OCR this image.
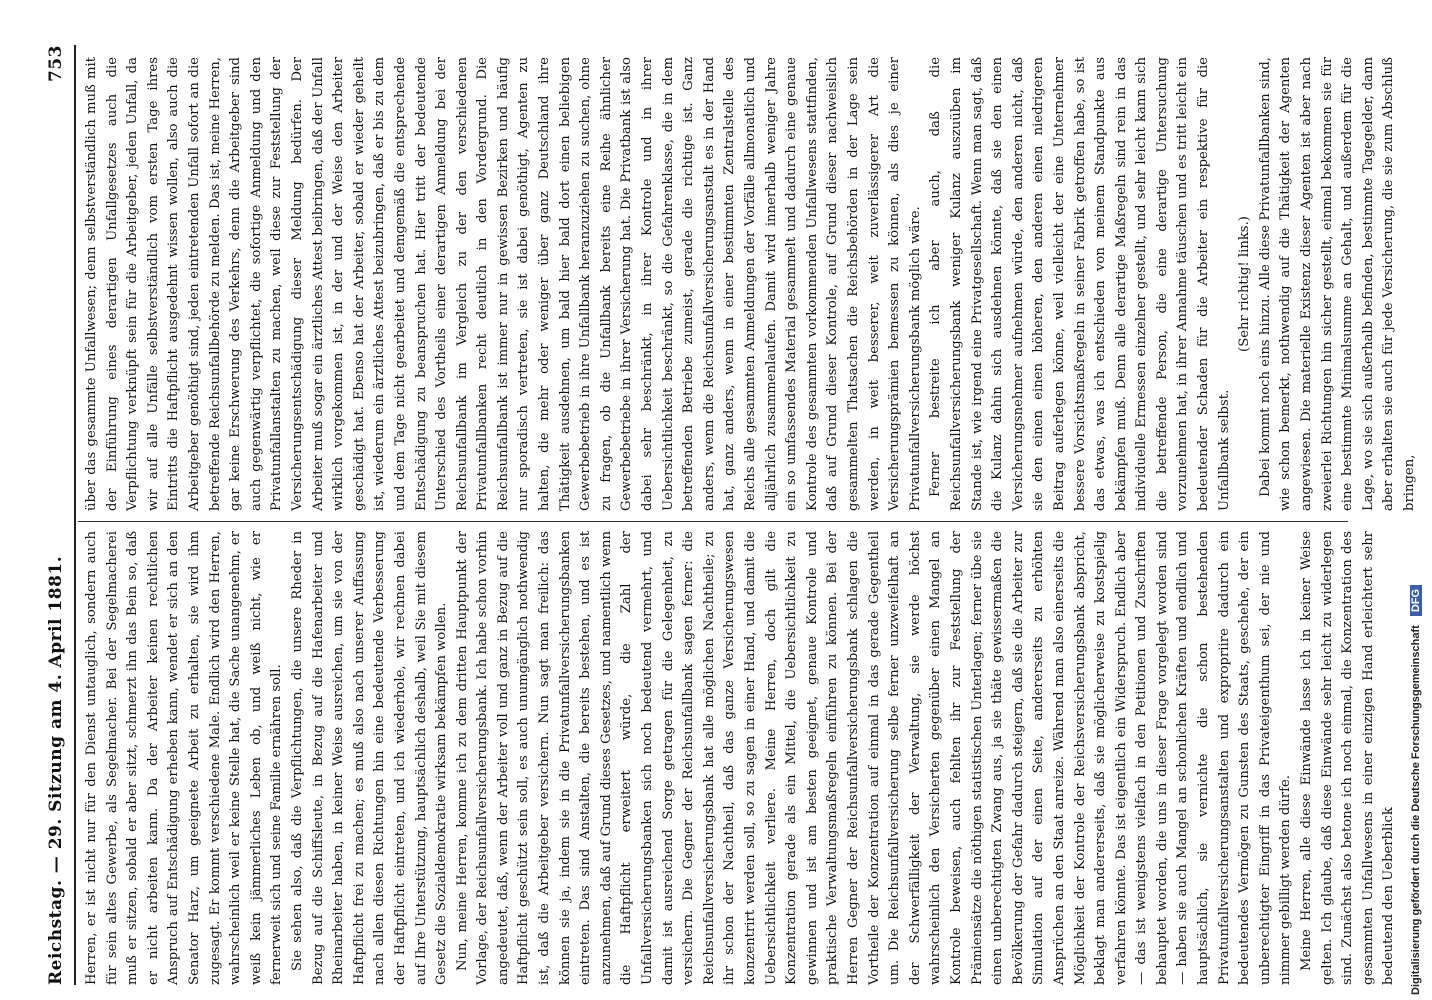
Reichstag. — 29. Sitzung am 4. April 1881.
753

Herren, er ist nicht nur für den Dienst untauglich, sondern auch für sein altes Gewerbe, als Segelmacher. Bei der Segelmacherei muß er sitzen, sobald er aber sitzt, schmerzt ihn das Bein so, daß er nicht arbeiten kann. Da der Arbeiter keinen rechtlichen Anspruch auf Entschädigung erheben kann, wendet er sich an den Senator Harz, um geeignete Arbeit zu erhalten, sie wird ihm zugesagt. Er kommt verschiedene Male. Endlich wird den Herren, wahrscheinlich weil er keine Stelle hat, die Sache unangenehm, er weiß kein jämmerliches Leben ob, und weiß nicht, wie er fernerweit sich und seine Familie ernähren soll. Sie sehen also, daß die Verpflichtungen, die unsere Rheder in Bezug auf die Schiffsleute, in Bezug auf die Hafenarbeiter und Rheinarbeiter haben, in keiner Weise ausreichen, um sie von der Haftpflicht frei zu machen; es muß also nach unserer Auffassung nach allen diesen Richtungen hin eine bedeutende Verbesserung der Haftpflicht eintreten, und ich wiederhole, wir rechnen dabei auf Ihre Unterstützung, hauptsächlich deshalb, weil Sie mit diesem Gesetz die Sozialdemokratie wirksam bekämpfen wollen. Nun, meine Herren, komme ich zu dem dritten Hauptpunkt der Vorlage, der Reichsunfallversicherungsbank. Ich habe schon vorhin angedeutet, daß, wenn der Arbeiter voll und ganz in Bezug auf die Haftpflicht geschützt sein soll, es auch unumgänglich nothwendig ist, daß die Arbeitgeber versichern. Nun sagt man freilich: das können sie ja, indem sie in die Privatunfallversicherungsbanken eintreten. Das sind Anstalten, die bereits bestehen, und es ist anzunehmen, daß auf Grund dieses Gesetzes, und namentlich wenn die Haftpflicht erweitert würde, die Zahl der Unfallversicherungsbanken sich noch bedeutend vermehrt, und damit ist ausreichend Sorge getragen für die Gelegenheit, zu versichern. Die Gegner der Reichsunfallbank sagen ferner: die Reichsunfallversicherungsbank hat alle möglichen Nachtheile; zu ihr schon der Nachtheil, daß das ganze Versicherungswesen konzentrirt werden soll, so zu sagen in einer Hand, und damit die Uebersichtlichkeit verliere. Meine Herren, doch gilt die Konzentration gerade als ein Mittel, die Uebersichtlichkeit zu gewinnen und ist am besten geeignet, genaue Kontrole und praktische Verwaltungsmaßregeln einführen zu können. Bei der Herren Gegner der Reichsunfallversicherungsbank schlagen die Vortheile der Konzentration auf einmal in das gerade Gegentheil um. Die Reichsunfallversicherung selbe ferner unzweifelhaft an der Schwerfälligkeit der Verwaltung, sie werde höchst wahrscheinlich den Versicherten gegenüber einen Mangel an Kontrole beweisen, auch fehlten ihr zur Feststellung der Prämiensätze die nöthigen statistischen Unterlagen; ferner übe sie einen unberechtigten Zwang aus, ja sie thäte gewissermaßen die Bevölkerung der Gefahr dadurch steigern, daß sie die Arbeiter zur Simulation auf der einen Seite, andererseits zu erhöhten Ansprüchen an den Staat anreize. Während man also einerseits die Möglichkeit der Kontrole der Reichsversicherungsbank abspricht, beklagt man andererseits, daß sie möglicherweise zu kostspielig verfahren könnte. Das ist eigentlich ein Widerspruch. Endlich aber — das ist wenigstens vielfach in den Petitionen und Zuschriften behauptet worden, die uns in dieser Frage vorgelegt worden sind — haben sie auch Mangel an schonlichen Kräften und endlich und hauptsächlich, sie vernichte die schon bestehenden Privatunfallversicherungsanstalten und expropriire dadurch ein bedeutendes Vermögen zu Gunsten des Staats, geschehe, der ein unberechtigter Eingriff in das Privateigenthum sei, der nie und nimmer gebilligt werden dürfe. Meine Herren, alle diese Einwände lasse ich in keiner Weise gelten. Ich glaube, daß diese Einwände sehr leicht zu widerlegen sind. Zunächst also betone ich noch einmal, die Konzentration des gesammten Unfallwesens in einer einzigen Hand erleichtert sehr bedeutend den Ueberblick

über das gesammte Unfallwesen; denn selbstverständlich muß mit der Einführung eines derartigen Unfallgesetzes auch die Verpflichtung verknüpft sein für die Arbeitgeber, jeden Unfall, da wir auf alle Unfälle selbstverständlich vom ersten Tage ihres Eintritts die Haftpflicht ausgedehnt wissen wollen, also auch die Arbeitgeber genöthigt sind, jeden eintretenden Unfall sofort an die betreffende Reichsunfallbehörde zu melden. Das ist, meine Herren, gar keine Erschwerung des Verkehrs, denn die Arbeitgeber sind auch gegenwärtig verpflichtet, die sofortige Anmeldung und den Privatunfallanstalten zu machen, weil diese zur Feststellung der Versicherungsentschädigung dieser Meldung bedürfen. Der Arbeiter muß sogar ein ärztliches Attest beibringen, daß der Unfall wirklich vorgekommen ist, in der und der Weise den Arbeiter geschädigt hat. Ebenso hat der Arbeiter, sobald er wieder geheilt ist, wiederum ein ärztliches Attest beizubringen, daß er bis zu dem und dem Tage nicht gearbeitet und demgemäß die entsprechende Entschädigung zu beanspruchen hat. Hier tritt der bedeutende Unterschied des Vortheils einer derartigen Anmeldung bei der Reichsunfallbank im Vergleich zu der den verschiedenen Privatunfallbanken recht deutlich in den Vordergrund. Die Reichsunfallbank ist immer nur in gewissen Bezirken und häufig nur sporadisch vertreten, sie ist dabei genöthigt, Agenten zu halten, die mehr oder weniger über ganz Deutschland ihre Thätigkeit ausdehnen, um bald hier bald dort einen beliebigen Gewerbebetrieb in ihre Unfallbank heranzuziehen zu suchen, ohne zu fragen, ob die Unfallbank bereits eine Reihe ähnlicher Gewerbebetriebe in ihrer Versicherung hat. Die Privatbank ist also dabei sehr beschränkt, in ihrer Kontrole und in ihrer Uebersichtlichkeit beschränkt, so die Gefahrenklasse, die in dem betreffenden Betriebe zumeist, gerade die richtige ist. Ganz anders, wenn die Reichsunfallversicherungsanstalt es in der Hand hat, ganz anders, wenn in einer bestimmten Zentralstelle des Reichs alle gesammten Anmeldungen der Vorfälle allmonatlich und alljährlich zusammenlaufen. Damit wird innerhalb weniger Jahre ein so umfassendes Material gesammelt und dadurch eine genaue Kontrole des gesammten vorkommenden Unfallwesens stattfinden, daß auf Grund dieser Kontrole, auf Grund dieser nachweislich gesammelten Thatsachen die Reichsbehörden in der Lage sein werden, in weit besserer, weit zuverlässigerer Art die Versicherungsprämien bemessen zu können, als dies je einer Privatunfallversicherungsbank möglich wäre. Ferner bestreite ich aber auch, daß die Reichsunfallversicherungsbank weniger Kulanz auszuüben im Stande ist, wie irgend eine Privatgesellschaft. Wenn man sagt, daß die Kulanz dahin sich ausdehnen könnte, daß sie den einen Versicherungsnehmer aufnehmen würde, den anderen nicht, daß sie den einen einen höheren, den anderen einen niedrigeren Beitrag auferlegen könne, weil vielleicht der eine Unternehmer bessere Vorsichtsmaßregeln in seiner Fabrik getroffen habe, so ist das etwas, was ich entschieden von meinem Standpunkte aus bekämpfen muß. Denn alle derartige Maßregeln sind rein in das individuelle Ermessen einzelner gestellt, und sehr leicht kann sich die betreffende Person, die eine derartige Untersuchung vorzunehmen hat, in ihrer Annahme täuschen und es tritt leicht ein bedeutender Schaden für die Arbeiter ein respektive für die Unfallbank selbst.

(Sehr richtig! links.) Dabei kommt noch eins hinzu. Alle diese Privatunfallbanken sind, wie schon bemerkt, nothwendig auf die Thätigkeit der Agenten angewiesen. Die materielle Existenz dieser Agenten ist aber nach zweierlei Richtungen hin sicher gestellt, einmal bekommen sie für eine bestimmte Minimalsumme an Gehalt, und außerdem für die Lage, wo sie sich außerhalb befinden, bestimmte Tagegelder, dann aber erhalten sie auch für jede Versicherung, die sie zum Abschluß bringen,

Digitalisierung gefördert durch die Deutsche Forschungsgemeinschaft DFG
